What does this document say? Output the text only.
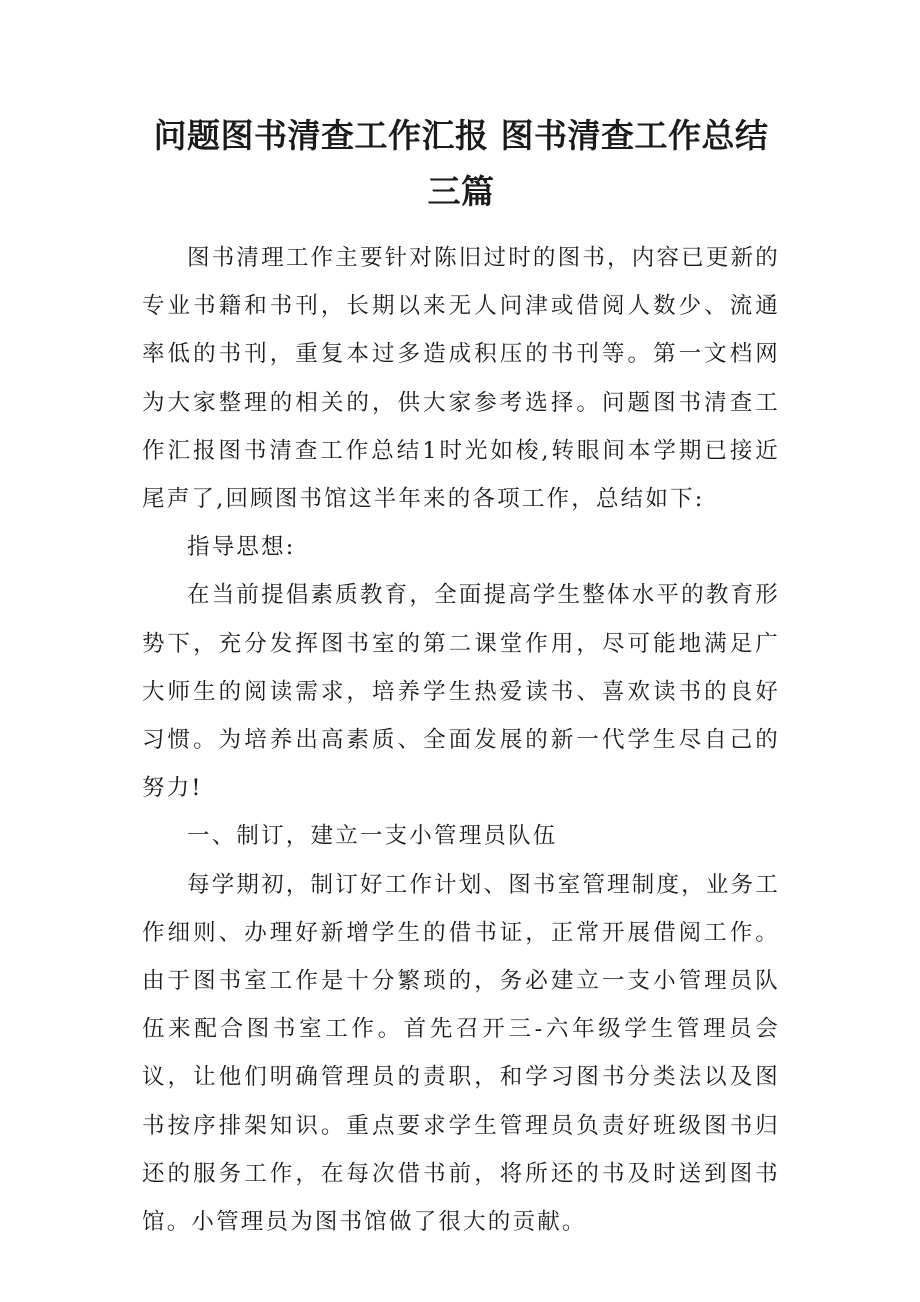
问题图书清查工作汇报 图书清查工作总结三篇

图书清理工作主要针对陈旧过时的图书，内容已更新的专业书籍和书刊，长期以来无人问津或借阅人数少、流通率低的书刊，重复本过多造成积压的书刊等。第一文档网为大家整理的相关的，供大家参考选择。问题图书清查工作汇报图书清查工作总结1时光如梭,转眼间本学期已接近尾声了,回顾图书馆这半年来的各项工作，总结如下:

指导思想:

在当前提倡素质教育，全面提高学生整体水平的教育形势下，充分发挥图书室的第二课堂作用，尽可能地满足广大师生的阅读需求，培养学生热爱读书、喜欢读书的良好习惯。为培养出高素质、全面发展的新一代学生尽自己的努力!

一、制订，建立一支小管理员队伍

每学期初，制订好工作计划、图书室管理制度，业务工作细则、办理好新增学生的借书证，正常开展借阅工作。由于图书室工作是十分繁琐的，务必建立一支小管理员队伍来配合图书室工作。首先召开三-六年级学生管理员会议，让他们明确管理员的责职，和学习图书分类法以及图书按序排架知识。重点要求学生管理员负责好班级图书归还的服务工作，在每次借书前，将所还的书及时送到图书馆。小管理员为图书馆做了很大的贡献。
